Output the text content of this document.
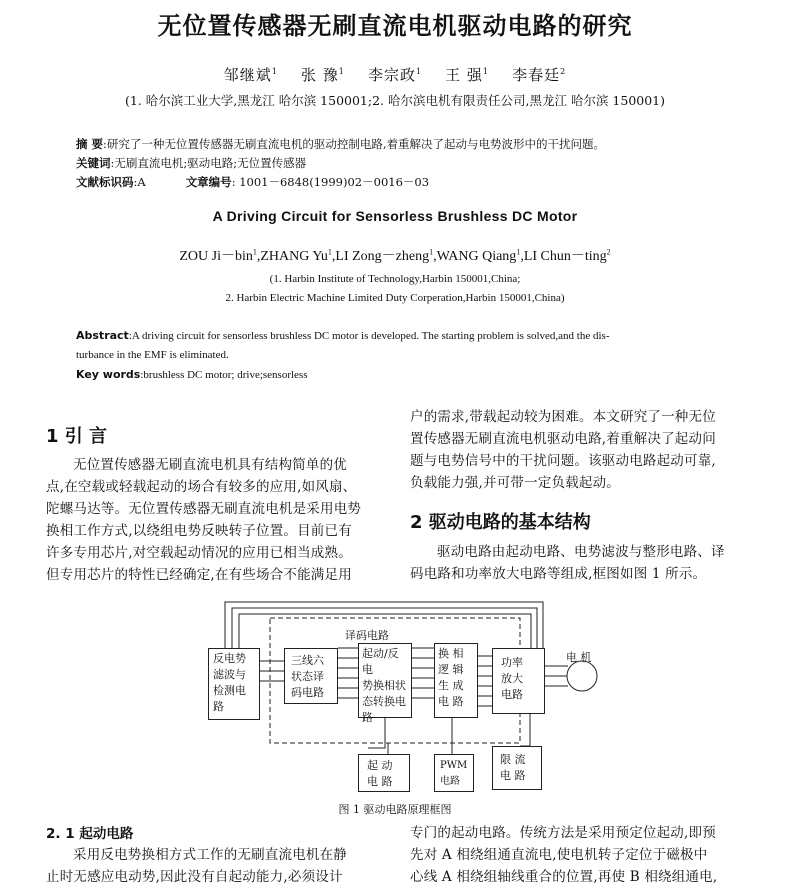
无位置传感器无刷直流电机驱动电路的研究
邹继斌$^1$ 张 豫$^1$ 李宗政$^1$ 王 强$^1$ 李春廷$^2$
(1. 哈尔滨工业大学,黑龙江 哈尔滨 150001;2. 哈尔滨电机有限责任公司,黑龙江 哈尔滨 150001)
摘 要:研究了一种无位置传感器无刷直流电机的驱动控制电路,着重解决了起动与电势波形中的干扰问题。
关键词:无刷直流电机;驱动电路;无位置传感器
文献标识码:A	文章编号: 1001－6848(1999)02－0016－03
A Driving Circuit for Sensorless Brushless DC Motor
ZOU Ji－bin$^1$,ZHANG Yu$^1$,LI Zong－zheng$^1$,WANG Qiang$^1$,LI Chun－ting$^2$
(1. Harbin Institute of Technology,Harbin 150001,China;
2. Harbin Electric Machine Limited Duty Corperation,Harbin 150001,China)
Abstract:A driving circuit for sensorless brushless DC motor is developed. The starting problem is solved,and the dis-
turbance in the EMF is eliminated.
Key words:brushless DC motor; drive;sensorless
1 引 言
无位置传感器无刷直流电机具有结构简单的优
点,在空载或轻载起动的场合有较多的应用,如风扇、
陀螺马达等。无位置传感器无刷直流电机是采用电势
换相工作方式,以绕组电势反映转子位置。目前已有
许多专用芯片,对空载起动情况的应用已相当成熟。
但专用芯片的特性已经确定,在有些场合不能满足用
户的需求,带载起动较为困难。本文研究了一种无位
置传感器无刷直流电机驱动电路,着重解决了起动问
题与电势信号中的干扰问题。该驱动电路起动可靠,
负载能力强,并可带一定负载起动。
2 驱动电路的基本结构
驱动电路由起动电路、电势滤波与整形电路、译
码电路和功率放大电路等组成,框图如图 1 所示。
译码电路
反电势
滤波与
检测电
路
三线六
状态译
码电路
起动/反电
势换相状
态转换电
路
换 相
逻 辑
生 成
电 路
功率
放大
电路
电 机
起 动
电 路
PWM
电路
限 流
电 路
图 1 驱动电路原理框图
2. 1 起动电路
采用反电势换相方式工作的无刷直流电机在静
止时无感应电动势,因此没有自起动能力,必须设计
专门的起动电路。传统方法是采用预定位起动,即预
先对 A 相绕组通直流电,使电机转子定位于磁极中
心线 A 相绕组轴线重合的位置,再使 B 相绕组通电,
